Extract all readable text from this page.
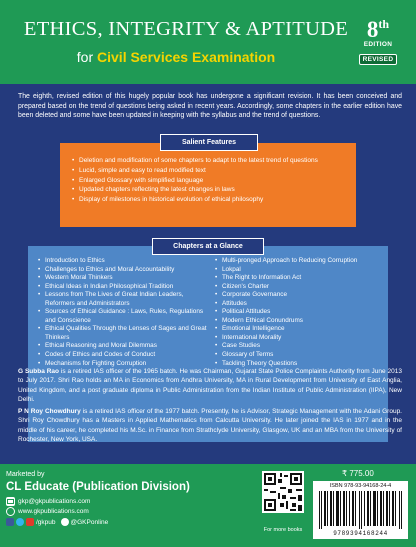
ETHICS, INTEGRITY & APTITUDE
for Civil Services Examination
8th
EDITION
REVISED

The eighth, revised edition of this hugely popular book has undergone a significant revision. It has been conceived and prepared based on the trend of questions being asked in recent years. Accordingly, some chapters in the earlier edition have been deleted and some have been updated in keeping with the syllabus and the trend of questions.

Salient Features
• Deletion and modification of some chapters to adapt to the latest trend of questions
• Lucid, simple and easy to read modified text
• Enlarged Glossary with simplified language
• Updated chapters reflecting the latest changes in laws
• Display of milestones in historical evolution of ethical philosophy
Chapters at a Glance
• Introduction to Ethics
• Challenges to Ethics and Moral Accountability
• Western Moral Thinkers
• Ethical Ideas in Indian Philosophical Tradition
• Lessons from The Lives of Great Indian Leaders, Reformers and Administrators
• Sources of Ethical Guidance : Laws, Rules, Regulations and Conscience
• Ethical Qualities Through the Lenses of Sages and Great Thinkers
• Ethical Reasoning and Moral Dilemmas
• Codes of Ethics and Codes of Conduct
• Mechanisms for Fighting Corruption
• Multi-pronged Approach to Reducing Corruption
• Lokpal
• The Right to Information Act
• Citizen's Charter
• Corporate Governance
• Attitudes
• Political Attitudes
• Modern Ethical Conundrums
• Emotional Intelligence
• International Morality
• Case Studies
• Glossary of Terms
• Tackling Theory Questions

G Subba Rao is a retired IAS officer of the 1965 batch. He was Chairman, Gujarat State Police Complaints Authority from June 2013 to July 2017. Shri Rao holds an MA in Economics from Andhra University, MA in Rural Development from University of East Anglia, United Kingdom, and a post graduate diploma in Public Administration from the Indian Institute of Public Administration (IIPA), New Delhi.

P N Roy Chowdhury is a retired IAS officer of the 1977 batch. Presently, he is Advisor, Strategic Management with the Adani Group. Shri Roy Chowdhury has a Masters in Applied Mathematics from Calcutta University. He later joined the IAS in 1977 and in the middle of his career, he completed his M.Sc. in Finance from Strathclyde University, Glasgow, UK and an MBA from the University of Rochester, New York, USA.

Marketed by
CL Educate (Publication Division)
gkp@gkpublications.com
www.gkpublications.com
/gkpub @GKPonline
For more books
₹ 775.00
ISBN 978-93-94168-24-4
9789394168244
